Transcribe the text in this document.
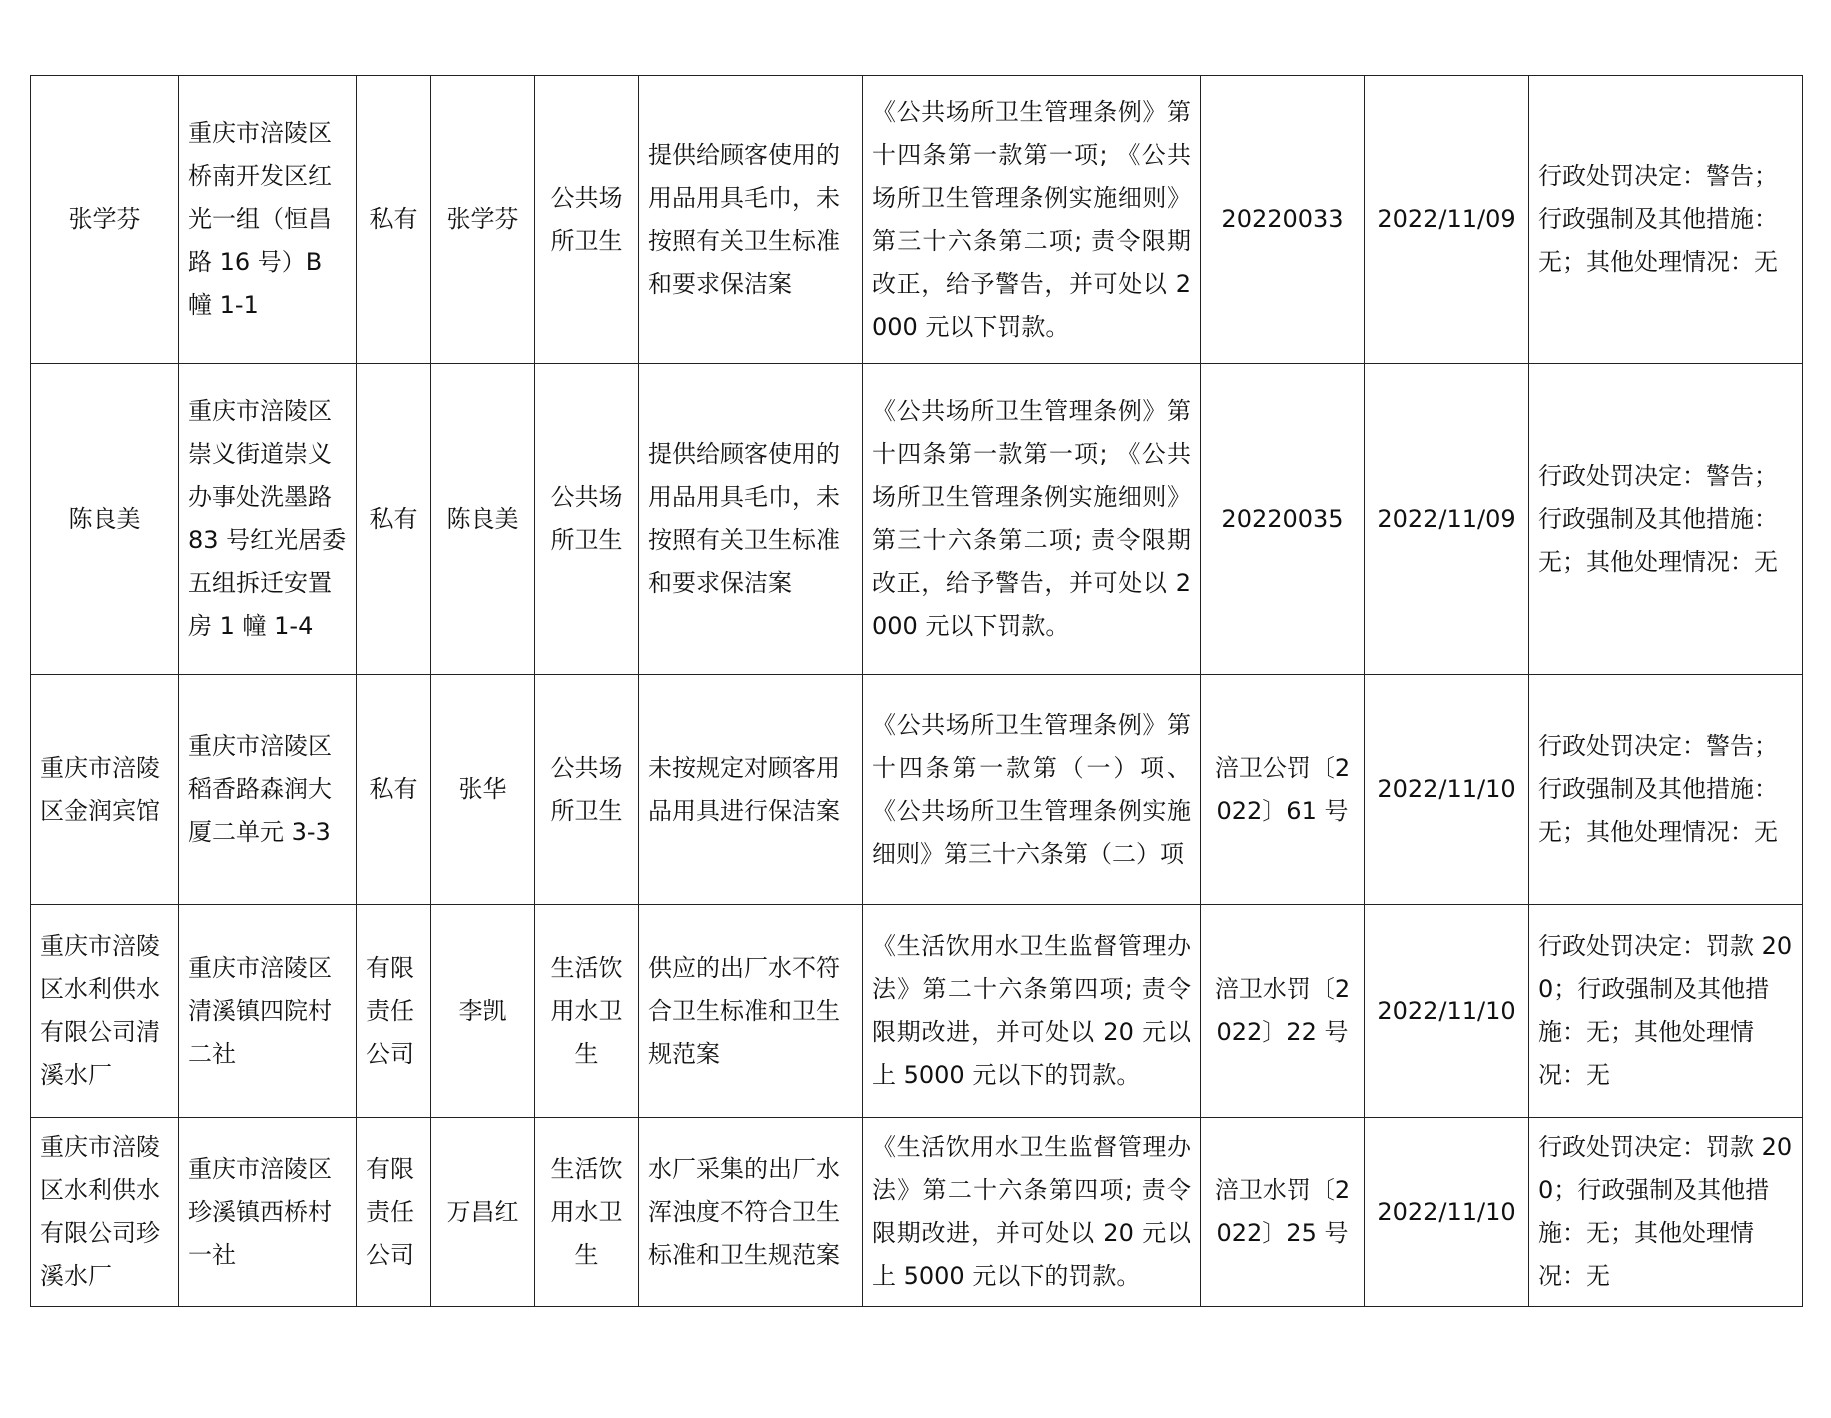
张学芬	重庆市涪陵区桥南开发区红光一组（恒昌路 16 号）B 幢 1-1	私有	张学芬	公共场所卫生	提供给顾客使用的用品用具毛巾，未按照有关卫生标准和要求保洁案	《公共场所卫生管理条例》第十四条第一款第一项; 《公共场所卫生管理条例实施细则》第三十六条第二项; 责令限期改正，给予警告，并可处以 2000 元以下罚款。	20220033	2022/11/09	行政处罚决定：警告；行政强制及其他措施：无；其他处理情况：无
陈良美	重庆市涪陵区崇义街道崇义办事处洗墨路 83 号红光居委五组拆迁安置房 1 幢 1-4	私有	陈良美	公共场所卫生	提供给顾客使用的用品用具毛巾，未按照有关卫生标准和要求保洁案	《公共场所卫生管理条例》第十四条第一款第一项; 《公共场所卫生管理条例实施细则》第三十六条第二项; 责令限期改正，给予警告，并可处以 2000 元以下罚款。	20220035	2022/11/09	行政处罚决定：警告；行政强制及其他措施：无；其他处理情况：无
重庆市涪陵区金润宾馆	重庆市涪陵区稻香路森润大厦二单元 3-3	私有	张华	公共场所卫生	未按规定对顾客用品用具进行保洁案	《公共场所卫生管理条例》第十四条第一款第（一）项、《公共场所卫生管理条例实施细则》第三十六条第（二）项	涪卫公罚〔2022〕61 号	2022/11/10	行政处罚决定：警告；行政强制及其他措施：无；其他处理情况：无
重庆市涪陵区水利供水有限公司清溪水厂	重庆市涪陵区清溪镇四院村二社	有限责任公司	李凯	生活饮用水卫生	供应的出厂水不符合卫生标准和卫生规范案	《生活饮用水卫生监督管理办法》第二十六条第四项; 责令限期改进，并可处以 20 元以上 5000 元以下的罚款。	涪卫水罚〔2022〕22 号	2022/11/10	行政处罚决定：罚款 200；行政强制及其他措施：无；其他处理情况：无
重庆市涪陵区水利供水有限公司珍溪水厂	重庆市涪陵区珍溪镇西桥村一社	有限责任公司	万昌红	生活饮用水卫生	水厂采集的出厂水浑浊度不符合卫生标准和卫生规范案	《生活饮用水卫生监督管理办法》第二十六条第四项; 责令限期改进，并可处以 20 元以上 5000 元以下的罚款。	涪卫水罚〔2022〕25 号	2022/11/10	行政处罚决定：罚款 200；行政强制及其他措施：无；其他处理情况：无
